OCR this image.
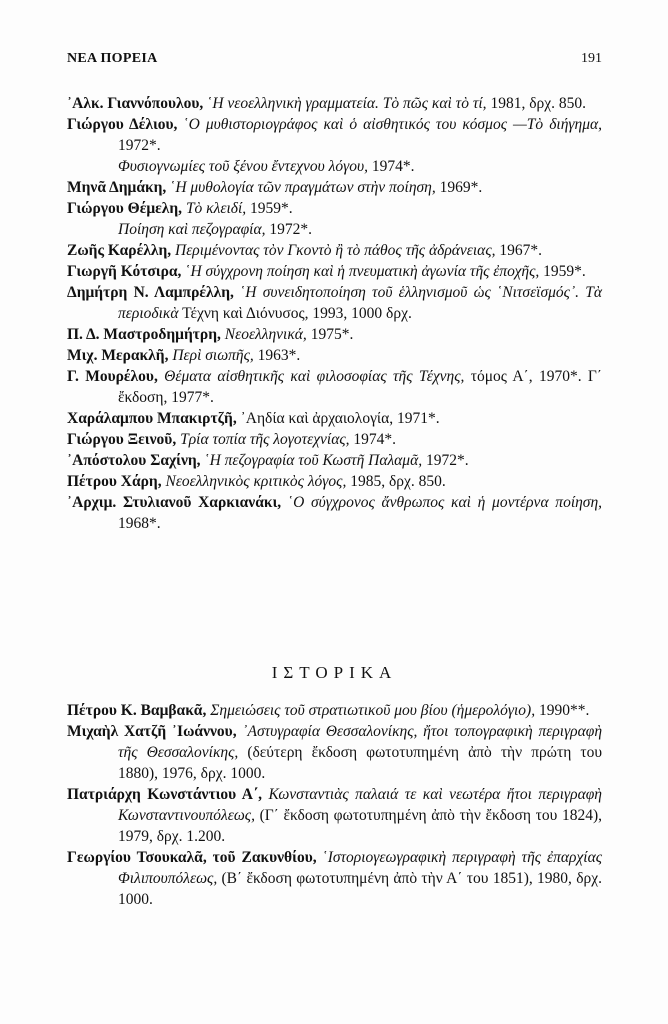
ΝΕΑ ΠΟΡΕΙΑ	191

᾿Αλκ. Γιαννόπουλου, ῾Η νεοελληνικὴ γραμματεία. Τὸ πῶς καὶ τὸ τί, 1981, δρχ. 850.

Γιώργου Δέλιου, ῾Ο μυθιστοριογράφος καὶ ὁ αἰσθητικός του κόσμος —Τὸ διήγημα, 1972*.
Φυσιογνωμίες τοῦ ξένου ἔντεχνου λόγου, 1974*.

Μηνᾶ Δημάκη, ῾Η μυθολογία τῶν πραγμάτων στὴν ποίηση, 1969*.

Γιώργου Θέμελη, Τὸ κλειδί, 1959*.
Ποίηση καὶ πεζογραφία, 1972*.

Ζωῆς Καρέλλη, Περιμένοντας τὸν Γκοντὸ ἢ τὸ πάθος τῆς ἀδράνειας, 1967*.

Γιωργῆ Κότσιρα, ῾Η σύγχρονη ποίηση καὶ ἡ πνευματικὴ ἀγωνία τῆς ἐποχῆς, 1959*.

Δημήτρη Ν. Λαμπρέλλη, ῾Η συνειδητοποίηση τοῦ ἑλληνισμοῦ ὡς ῾Νιτσεϊσμός᾽. Τὰ περιοδικὰ Τέχνη καὶ Διόνυσος, 1993, 1000 δρχ.

Π. Δ. Μαστροδημήτρη, Νεοελληνικά, 1975*.

Μιχ. Μερακλῆ, Περὶ σιωπῆς, 1963*.

Γ. Μουρέλου, Θέματα αἰσθητικῆς καὶ φιλοσοφίας τῆς Τέχνης, τόμος Α΄, 1970*. Γ΄ ἔκδοση, 1977*.

Χαράλαμπου Μπακιρτζῆ, ᾿Αηδία καὶ ἀρχαιολογία, 1971*.

Γιώργου Ξεινοῦ, Τρία τοπία τῆς λογοτεχνίας, 1974*.

᾿Απόστολου Σαχίνη, ῾Η πεζογραφία τοῦ Κωστῆ Παλαμᾶ, 1972*.

Πέτρου Χάρη, Νεοελληνικὸς κριτικὸς λόγος, 1985, δρχ. 850.

᾿Αρχιμ. Στυλιανοῦ Χαρκιανάκι, ῾Ο σύγχρονος ἄνθρωπος καὶ ἡ μοντέρνα ποίηση, 1968*.

ΙΣΤΟΡΙΚΑ

Πέτρου Κ. Βαμβακᾶ, Σημειώσεις τοῦ στρατιωτικοῦ μου βίου (ἡμερολόγιο), 1990**.

Μιχαὴλ Χατζῆ ᾿Ιωάννου, ᾿Αστυγραφία Θεσσαλονίκης, ἤτοι τοπογραφικὴ περιγραφὴ τῆς Θεσσαλονίκης, (δεύτερη ἔκδοση φωτοτυπημένη ἀπὸ τὴν πρώτη του 1880), 1976, δρχ. 1000.

Πατριάρχη Κωνστάντιου Α΄, Κωνσταντιὰς παλαιά τε καὶ νεωτέρα ἤτοι περιγραφὴ Κωνσταντινουπόλεως, (Γ΄ ἔκδοση φωτοτυπημένη ἀπὸ τὴν ἔκδοση του 1824), 1979, δρχ. 1.200.

Γεωργίου Τσουκαλᾶ, τοῦ Ζακυνθίου, ῾Ιστοριογεωγραφικὴ περιγραφὴ τῆς ἐπαρχίας Φιλιπουπόλεως, (Β΄ ἔκδοση φωτοτυπημένη ἀπὸ τὴν Α΄ του 1851), 1980, δρχ. 1000.
